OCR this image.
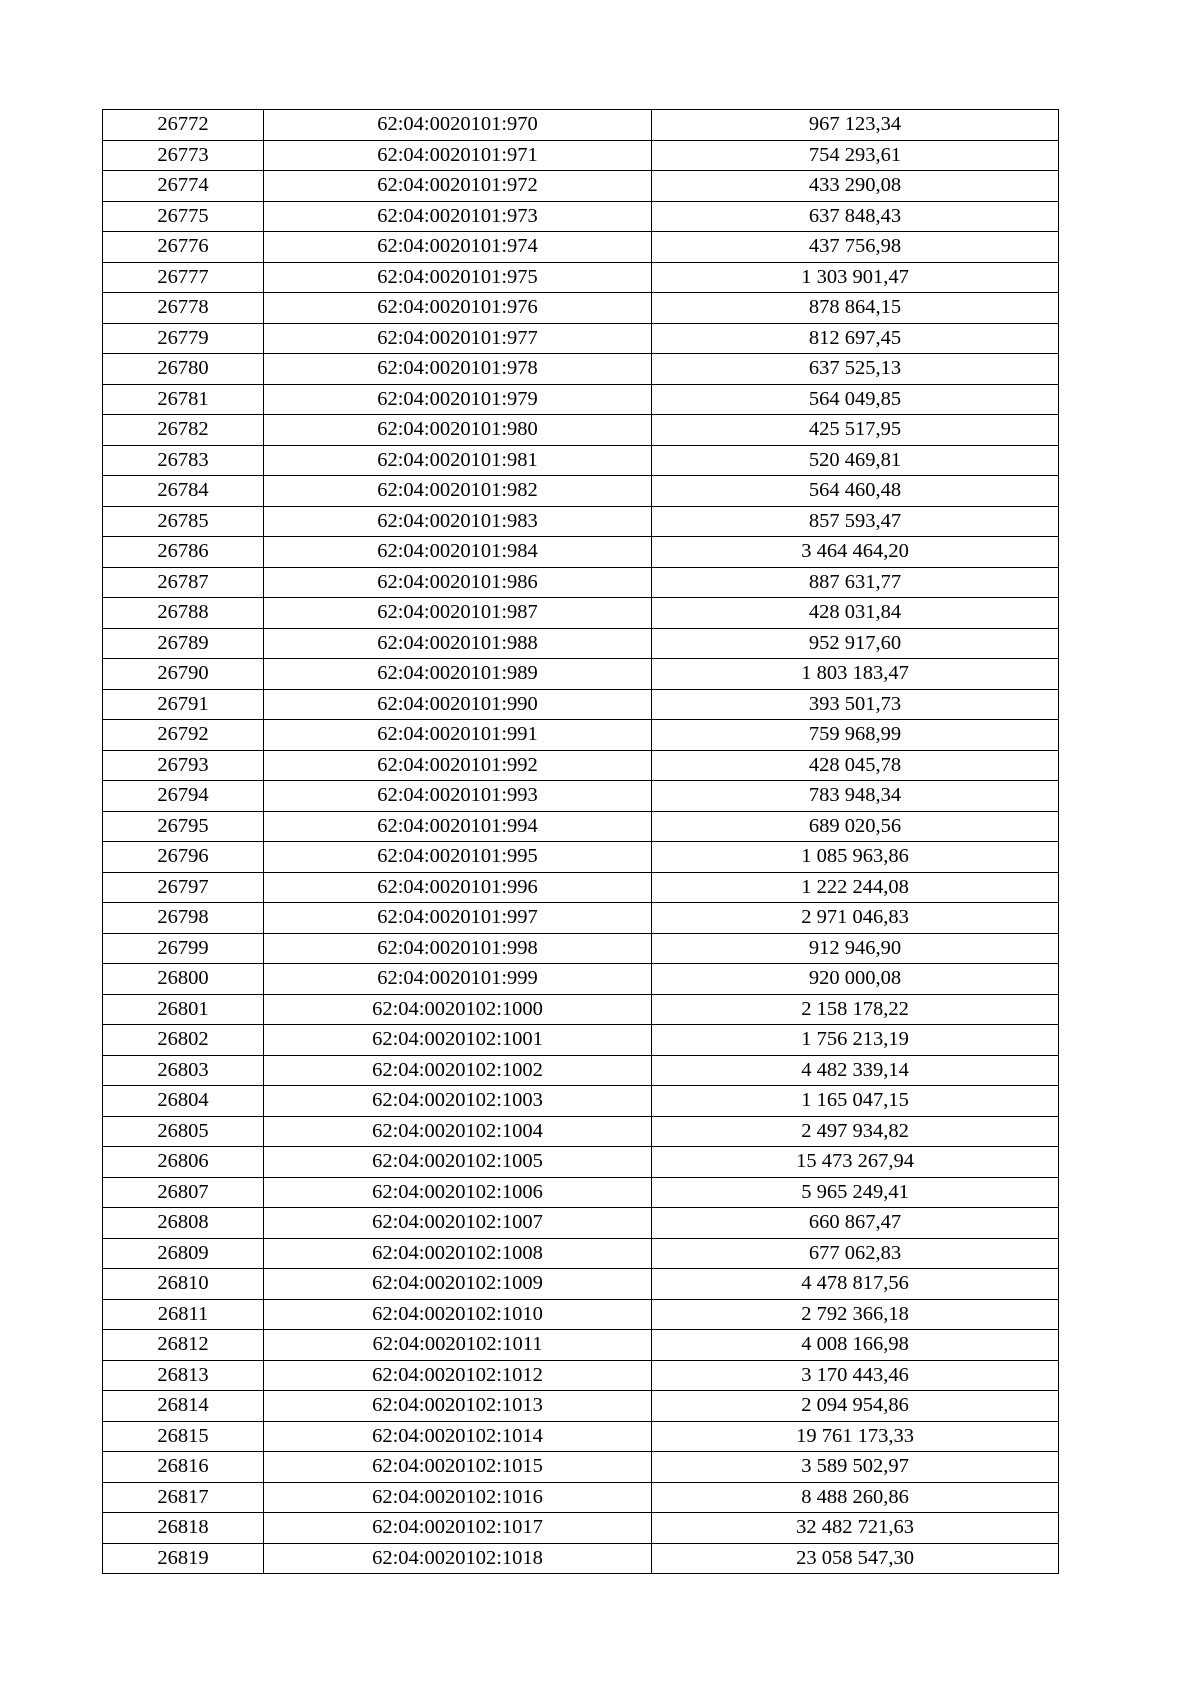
26772	62:04:0020101:970	967 123,34
26773	62:04:0020101:971	754 293,61
26774	62:04:0020101:972	433 290,08
26775	62:04:0020101:973	637 848,43
26776	62:04:0020101:974	437 756,98
26777	62:04:0020101:975	1 303 901,47
26778	62:04:0020101:976	878 864,15
26779	62:04:0020101:977	812 697,45
26780	62:04:0020101:978	637 525,13
26781	62:04:0020101:979	564 049,85
26782	62:04:0020101:980	425 517,95
26783	62:04:0020101:981	520 469,81
26784	62:04:0020101:982	564 460,48
26785	62:04:0020101:983	857 593,47
26786	62:04:0020101:984	3 464 464,20
26787	62:04:0020101:986	887 631,77
26788	62:04:0020101:987	428 031,84
26789	62:04:0020101:988	952 917,60
26790	62:04:0020101:989	1 803 183,47
26791	62:04:0020101:990	393 501,73
26792	62:04:0020101:991	759 968,99
26793	62:04:0020101:992	428 045,78
26794	62:04:0020101:993	783 948,34
26795	62:04:0020101:994	689 020,56
26796	62:04:0020101:995	1 085 963,86
26797	62:04:0020101:996	1 222 244,08
26798	62:04:0020101:997	2 971 046,83
26799	62:04:0020101:998	912 946,90
26800	62:04:0020101:999	920 000,08
26801	62:04:0020102:1000	2 158 178,22
26802	62:04:0020102:1001	1 756 213,19
26803	62:04:0020102:1002	4 482 339,14
26804	62:04:0020102:1003	1 165 047,15
26805	62:04:0020102:1004	2 497 934,82
26806	62:04:0020102:1005	15 473 267,94
26807	62:04:0020102:1006	5 965 249,41
26808	62:04:0020102:1007	660 867,47
26809	62:04:0020102:1008	677 062,83
26810	62:04:0020102:1009	4 478 817,56
26811	62:04:0020102:1010	2 792 366,18
26812	62:04:0020102:1011	4 008 166,98
26813	62:04:0020102:1012	3 170 443,46
26814	62:04:0020102:1013	2 094 954,86
26815	62:04:0020102:1014	19 761 173,33
26816	62:04:0020102:1015	3 589 502,97
26817	62:04:0020102:1016	8 488 260,86
26818	62:04:0020102:1017	32 482 721,63
26819	62:04:0020102:1018	23 058 547,30
